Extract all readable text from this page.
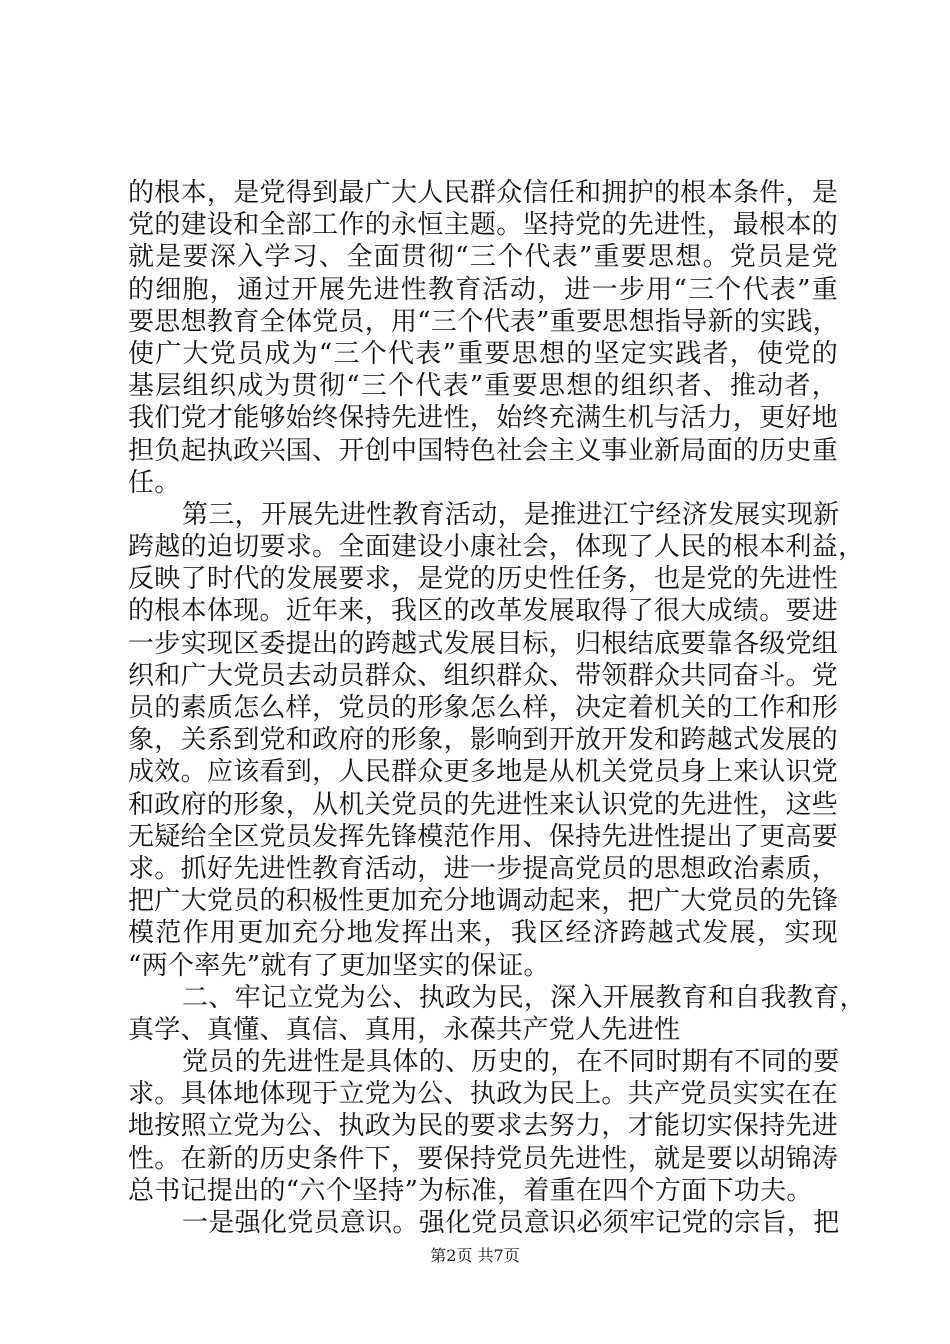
的根本，是党得到最广大人民群众信任和拥护的根本条件，是
党的建设和全部工作的永恒主题。坚持党的先进性，最根本的
就是要深入学习、全面贯彻“三个代表”重要思想。党员是党
的细胞，通过开展先进性教育活动，进一步用“三个代表”重
要思想教育全体党员，用“三个代表”重要思想指导新的实践，
使广大党员成为“三个代表”重要思想的坚定实践者，使党的
基层组织成为贯彻“三个代表”重要思想的组织者、推动者，
我们党才能够始终保持先进性，始终充满生机与活力，更好地
担负起执政兴国、开创中国特色社会主义事业新局面的历史重
任。
第三，开展先进性教育活动，是推进江宁经济发展实现新
跨越的迫切要求。全面建设小康社会，体现了人民的根本利益，
反映了时代的发展要求，是党的历史性任务，也是党的先进性
的根本体现。近年来，我区的改革发展取得了很大成绩。要进
一步实现区委提出的跨越式发展目标，归根结底要靠各级党组
织和广大党员去动员群众、组织群众、带领群众共同奋斗。党
员的素质怎么样，党员的形象怎么样，决定着机关的工作和形
象，关系到党和政府的形象，影响到开放开发和跨越式发展的
成效。应该看到，人民群众更多地是从机关党员身上来认识党
和政府的形象，从机关党员的先进性来认识党的先进性，这些
无疑给全区党员发挥先锋模范作用、保持先进性提出了更高要
求。抓好先进性教育活动，进一步提高党员的思想政治素质，
把广大党员的积极性更加充分地调动起来，把广大党员的先锋
模范作用更加充分地发挥出来，我区经济跨越式发展，实现
“两个率先”就有了更加坚实的保证。
二、牢记立党为公、执政为民，深入开展教育和自我教育，
真学、真懂、真信、真用，永葆共产党人先进性
党员的先进性是具体的、历史的，在不同时期有不同的要
求。具体地体现于立党为公、执政为民上。共产党员实实在在
地按照立党为公、执政为民的要求去努力，才能切实保持先进
性。在新的历史条件下，要保持党员先进性，就是要以胡锦涛
总书记提出的“六个坚持”为标准，着重在四个方面下功夫。
一是强化党员意识。强化党员意识必须牢记党的宗旨，把
第2页 共7页
